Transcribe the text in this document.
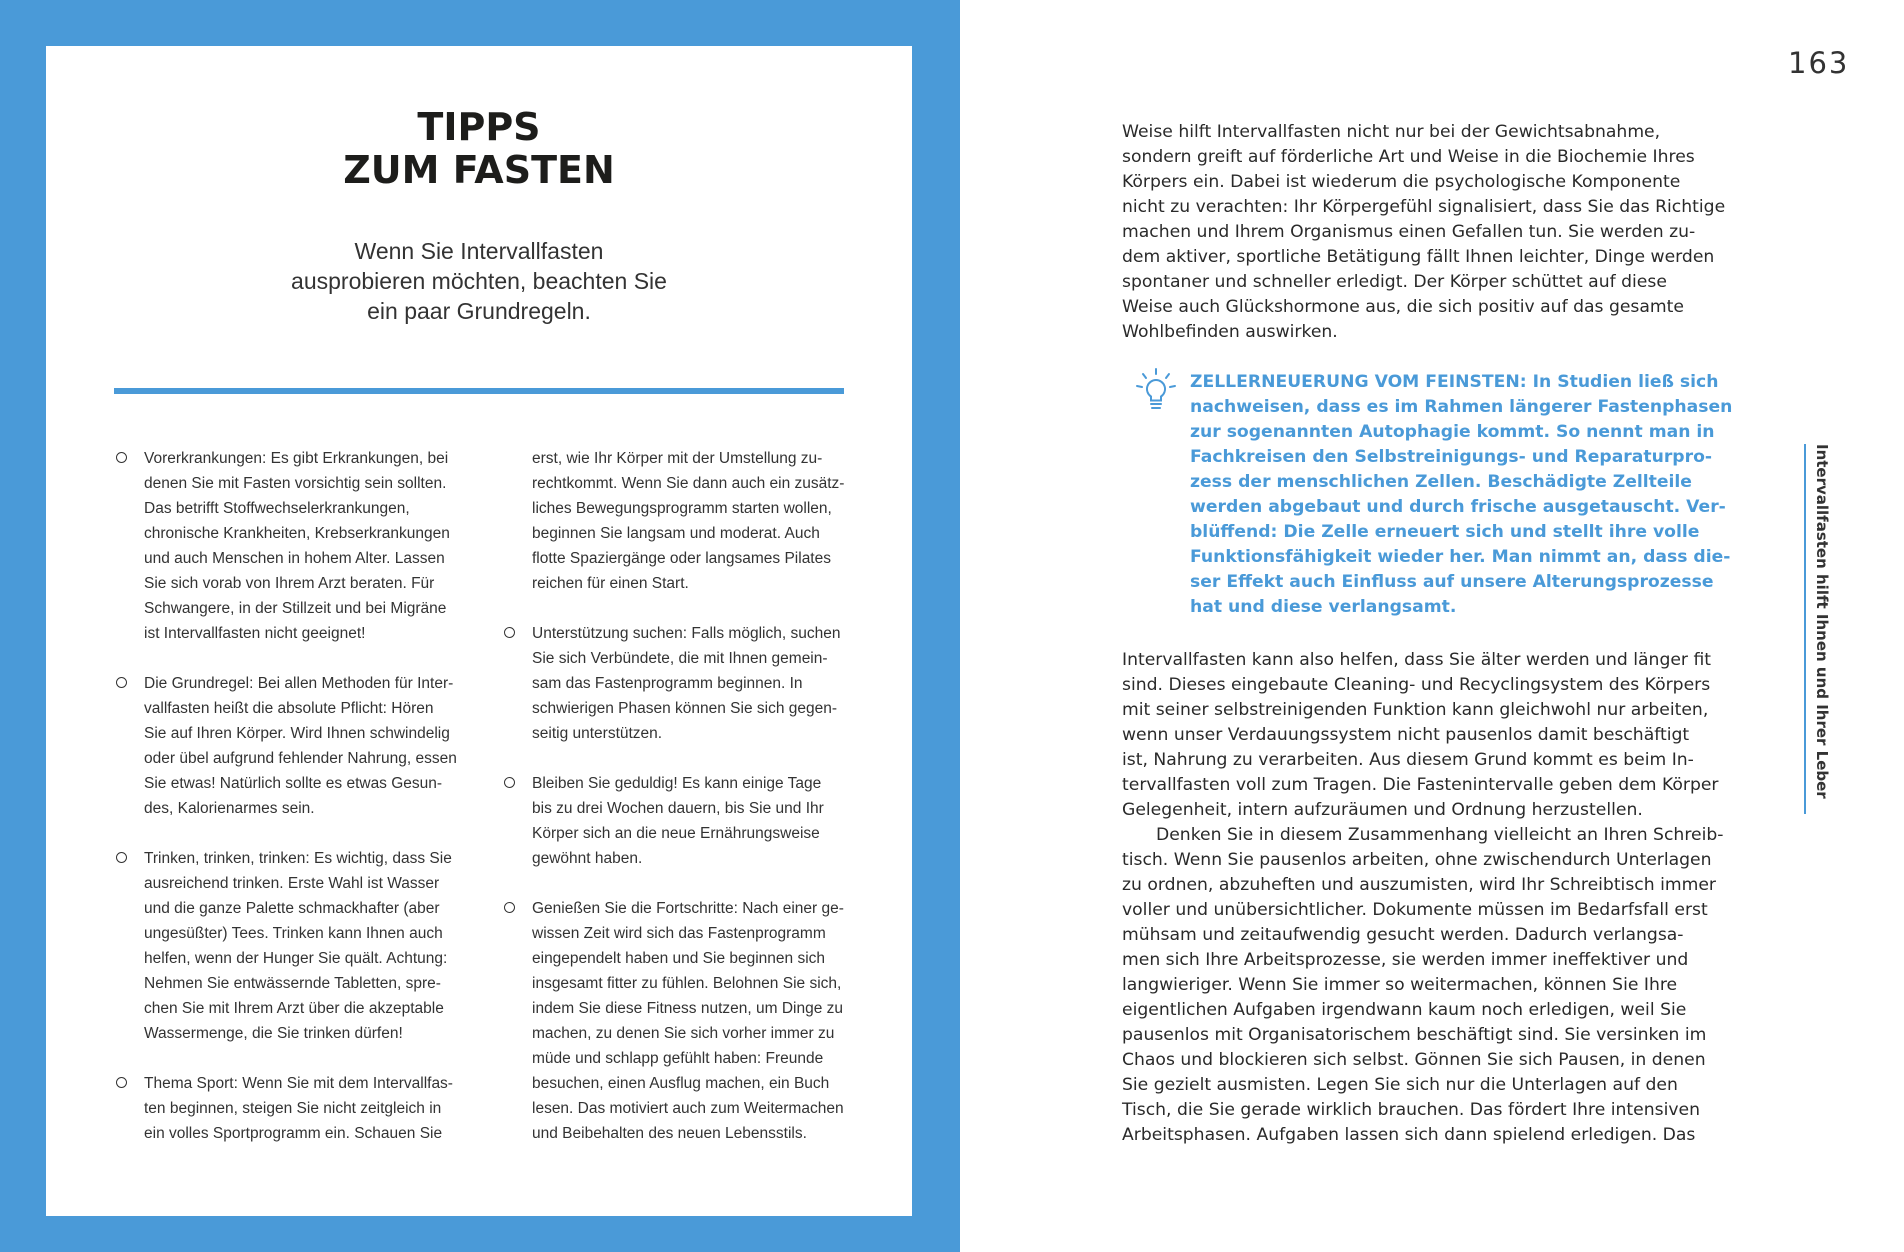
TIPPS
ZUM FASTEN

Wenn Sie Intervallfasten
ausprobieren möchten, beachten Sie
ein paar Grundregeln.

Vorerkrankungen: Es gibt Erkrankungen, bei
denen Sie mit Fasten vorsichtig sein sollten.
Das betrifft Stoffwechselerkrankungen,
chronische Krankheiten, Krebserkrankungen
und auch Menschen in hohem Alter. Lassen
Sie sich vorab von Ihrem Arzt beraten. Für
Schwangere, in der Stillzeit und bei Migräne
ist Intervallfasten nicht geeignet!
Die Grundregel: Bei allen Methoden für Inter-
vallfasten heißt die absolute Pflicht: Hören
Sie auf Ihren Körper. Wird Ihnen schwindelig
oder übel aufgrund fehlender Nahrung, essen
Sie etwas! Natürlich sollte es etwas Gesun-
des, Kalorienarmes sein.
Trinken, trinken, trinken: Es wichtig, dass Sie
ausreichend trinken. Erste Wahl ist Wasser
und die ganze Palette schmackhafter (aber
ungesüßter) Tees. Trinken kann Ihnen auch
helfen, wenn der Hunger Sie quält. Achtung:
Nehmen Sie entwässernde Tabletten, spre-
chen Sie mit Ihrem Arzt über die akzeptable
Wassermenge, die Sie trinken dürfen!
Thema Sport: Wenn Sie mit dem Intervallfas-
ten beginnen, steigen Sie nicht zeitgleich in
ein volles Sportprogramm ein. Schauen Sie
erst, wie Ihr Körper mit der Umstellung zu-
rechtkommt. Wenn Sie dann auch ein zusätz-
liches Bewegungsprogramm starten wollen,
beginnen Sie langsam und moderat. Auch
flotte Spaziergänge oder langsames Pilates
reichen für einen Start.
Unterstützung suchen: Falls möglich, suchen
Sie sich Verbündete, die mit Ihnen gemein-
sam das Fastenprogramm beginnen. In
schwierigen Phasen können Sie sich gegen-
seitig unterstützen.
Bleiben Sie geduldig! Es kann einige Tage
bis zu drei Wochen dauern, bis Sie und Ihr
Körper sich an die neue Ernährungsweise
gewöhnt haben.
Genießen Sie die Fortschritte: Nach einer ge-
wissen Zeit wird sich das Fastenprogramm
eingependelt haben und Sie beginnen sich
insgesamt fitter zu fühlen. Belohnen Sie sich,
indem Sie diese Fitness nutzen, um Dinge zu
machen, zu denen Sie sich vorher immer zu
müde und schlapp gefühlt haben: Freunde
besuchen, einen Ausflug machen, ein Buch
lesen. Das motiviert auch zum Weitermachen
und Beibehalten des neuen Lebensstils.
163

Weise hilft Intervallfasten nicht nur bei der Gewichtsabnahme,
sondern greift auf förderliche Art und Weise in die Biochemie Ihres
Körpers ein. Dabei ist wiederum die psychologische Komponente
nicht zu verachten: Ihr Körpergefühl signalisiert, dass Sie das Richtige
machen und Ihrem Organismus einen Gefallen tun. Sie werden zu-
dem aktiver, sportliche Betätigung fällt Ihnen leichter, Dinge werden
spontaner und schneller erledigt. Der Körper schüttet auf diese
Weise auch Glückshormone aus, die sich positiv auf das gesamte
Wohlbefinden auswirken.

ZELLERNEUERUNG VOM FEINSTEN: In Studien ließ sich
nachweisen, dass es im Rahmen längerer Fastenphasen
zur sogenannten Autophagie kommt. So nennt man in
Fachkreisen den Selbstreinigungs- und Reparaturpro-
zess der menschlichen Zellen. Beschädigte Zellteile
werden abgebaut und durch frische ausgetauscht. Ver-
blüffend: Die Zelle erneuert sich und stellt ihre volle
Funktionsfähigkeit wieder her. Man nimmt an, dass die-
ser Effekt auch Einfluss auf unsere Alterungsprozesse
hat und diese verlangsamt.

Intervallfasten kann also helfen, dass Sie älter werden und länger fit
sind. Dieses eingebaute Cleaning- und Recyclingsystem des Körpers
mit seiner selbstreinigenden Funktion kann gleichwohl nur arbeiten,
wenn unser Verdauungssystem nicht pausenlos damit beschäftigt
ist, Nahrung zu verarbeiten. Aus diesem Grund kommt es beim In-
tervallfasten voll zum Tragen. Die Fastenintervalle geben dem Körper
Gelegenheit, intern aufzuräumen und Ordnung herzustellen.
Denken Sie in diesem Zusammenhang vielleicht an Ihren Schreib-
tisch. Wenn Sie pausenlos arbeiten, ohne zwischendurch Unterlagen
zu ordnen, abzuheften und auszumisten, wird Ihr Schreibtisch immer
voller und unübersichtlicher. Dokumente müssen im Bedarfsfall erst
mühsam und zeitaufwendig gesucht werden. Dadurch verlangsa-
men sich Ihre Arbeitsprozesse, sie werden immer ineffektiver und
langwieriger. Wenn Sie immer so weitermachen, können Sie Ihre
eigentlichen Aufgaben irgendwann kaum noch erledigen, weil Sie
pausenlos mit Organisatorischem beschäftigt sind. Sie versinken im
Chaos und blockieren sich selbst. Gönnen Sie sich Pausen, in denen
Sie gezielt ausmisten. Legen Sie sich nur die Unterlagen auf den
Tisch, die Sie gerade wirklich brauchen. Das fördert Ihre intensiven
Arbeitsphasen. Aufgaben lassen sich dann spielend erledigen. Das

Intervallfasten hilft Ihnen und Ihrer Leber
